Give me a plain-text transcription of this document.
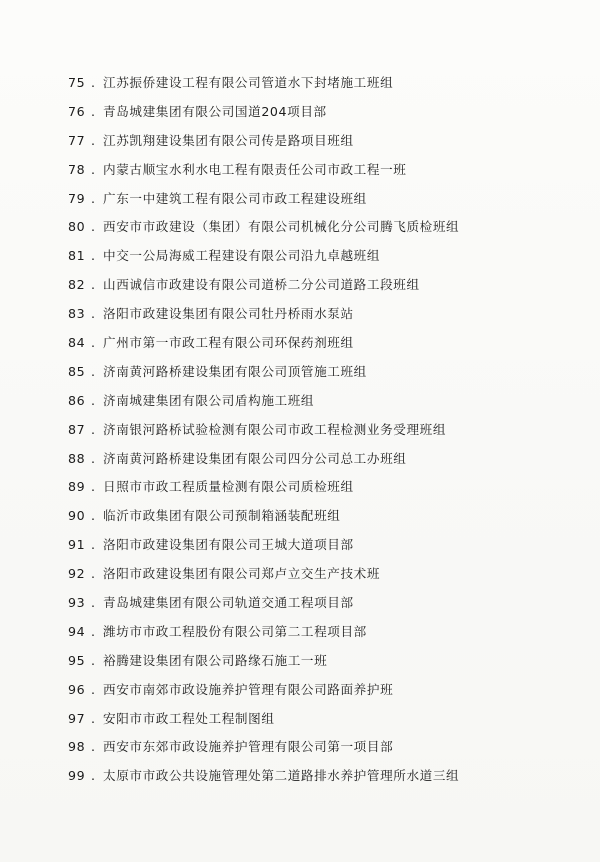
75 . 江苏振侨建设工程有限公司管道水下封堵施工班组
76 . 青岛城建集团有限公司国道204项目部
77 . 江苏凯翔建设集团有限公司传是路项目班组
78 . 内蒙古顺宝水利水电工程有限责任公司市政工程一班
79 . 广东一中建筑工程有限公司市政工程建设班组
80 . 西安市市政建设（集团）有限公司机械化分公司腾飞质检班组
81 . 中交一公局海威工程建设有限公司沿九卓越班组
82 . 山西诚信市政建设有限公司道桥二分公司道路工段班组
83 . 洛阳市政建设集团有限公司牡丹桥雨水泵站
84 . 广州市第一市政工程有限公司环保药剂班组
85 . 济南黄河路桥建设集团有限公司顶管施工班组
86 . 济南城建集团有限公司盾构施工班组
87 . 济南银河路桥试验检测有限公司市政工程检测业务受理班组
88 . 济南黄河路桥建设集团有限公司四分公司总工办班组
89 . 日照市市政工程质量检测有限公司质检班组
90 . 临沂市政集团有限公司预制箱涵装配班组
91 . 洛阳市政建设集团有限公司王城大道项目部
92 . 洛阳市政建设集团有限公司郑卢立交生产技术班
93 . 青岛城建集团有限公司轨道交通工程项目部
94 . 潍坊市市政工程股份有限公司第二工程项目部
95 . 裕腾建设集团有限公司路缘石施工一班
96 . 西安市南郊市政设施养护管理有限公司路面养护班
97 . 安阳市市政工程处工程制图组
98 . 西安市东郊市政设施养护管理有限公司第一项目部
99 . 太原市市政公共设施管理处第二道路排水养护管理所水道三组
